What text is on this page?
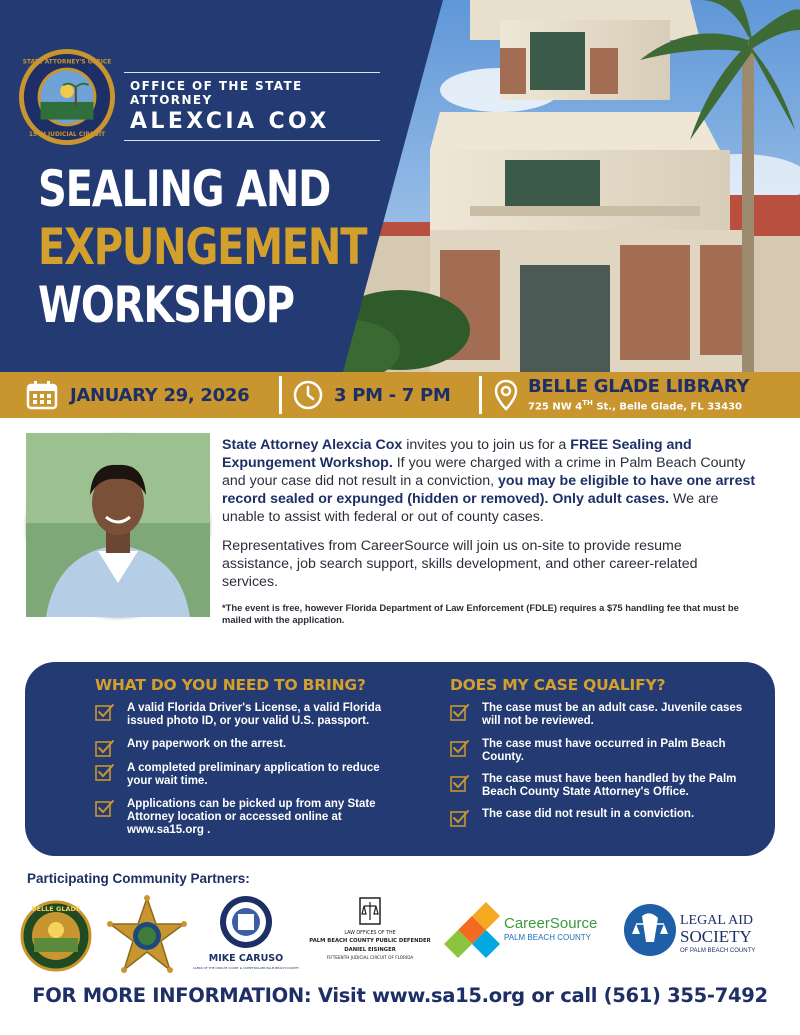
STATE ATTORNEY'S OFFICE
15TH JUDICIAL CIRCUIT
OFFICE OF THE STATE ATTORNEY
ALEXCIA COX
SEALING AND
EXPUNGEMENT
WORKSHOP
JANUARY 29, 2026	3 PM - 7 PM	BELLE GLADE LIBRARY
725 NW 4TH St., Belle Glade, FL 33430

State Attorney Alexcia Cox invites you to join us for a FREE Sealing and Expungement Workshop. If you were charged with a crime in Palm Beach County and your case did not result in a conviction, you may be eligible to have one arrest record sealed or expunged (hidden or removed). Only adult cases. We are unable to assist with federal or out of county cases.

Representatives from CareerSource will join us on-site to provide resume assistance, job search support, skills development, and other career-related services.

*The event is free, however Florida Department of Law Enforcement (FDLE) requires a $75 handling fee that must be mailed with the application.
WHAT DO YOU NEED TO BRING?
A valid Florida Driver's License, a valid Florida issued photo ID, or your valid U.S. passport.
Any paperwork on the arrest.
A completed preliminary application to reduce your wait time.
Applications can be picked up from any State Attorney location or accessed online at www.sa15.org .
DOES MY CASE QUALIFY?
The case must be an adult case. Juvenile cases will not be reviewed.
The case must have occurred in Palm Beach County.
The case must have been handled by the Palm Beach County State Attorney's Office.
The case did not result in a conviction.
Participating Community Partners:
BELLE GLADE
MIKE CARUSO
CLERK OF THE CIRCUIT COURT & COMPTROLLER PALM BEACH COUNTY
LAW OFFICES OF THE
PALM BEACH COUNTY PUBLIC DEFENDER
DANIEL EISINGER
FIFTEENTH JUDICIAL CIRCUIT OF FLORIDA
CareerSource
PALM BEACH COUNTY
LEGAL AID
SOCIETY
OF PALM BEACH COUNTY
FOR MORE INFORMATION: Visit www.sa15.org or call (561) 355-7492
